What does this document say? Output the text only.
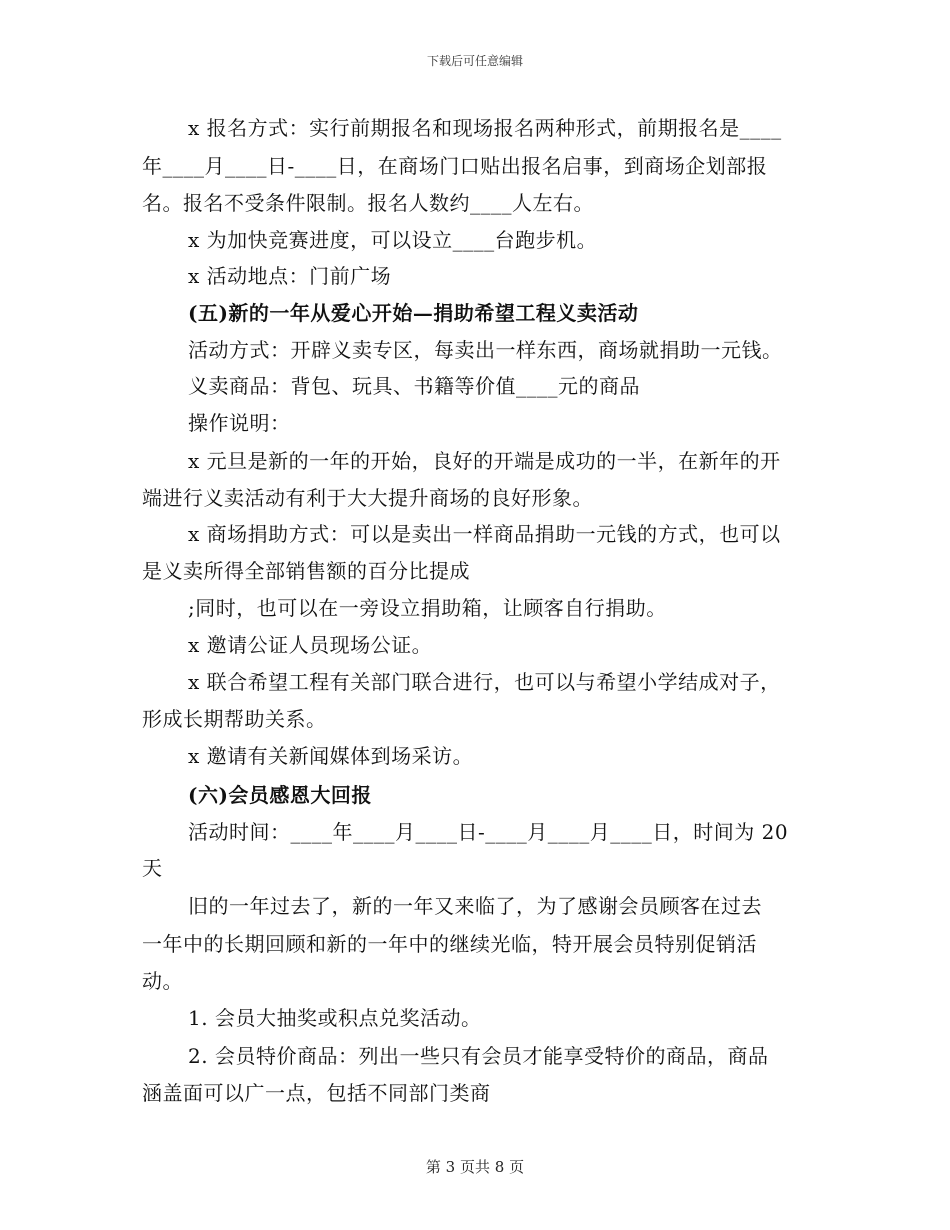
下载后可任意编辑
x 报名方式：实行前期报名和现场报名两种形式，前期报名是____
年____月____日-____日，在商场门口贴出报名启事，到商场企划部报
名。报名不受条件限制。报名人数约____人左右。
x 为加快竞赛进度，可以设立____台跑步机。
x 活动地点：门前广场
(五)新的一年从爱心开始—捐助希望工程义卖活动
活动方式：开辟义卖专区，每卖出一样东西，商场就捐助一元钱。
义卖商品：背包、玩具、书籍等价值____元的商品
操作说明：
x 元旦是新的一年的开始，良好的开端是成功的一半，在新年的开
端进行义卖活动有利于大大提升商场的良好形象。
x 商场捐助方式：可以是卖出一样商品捐助一元钱的方式，也可以
是义卖所得全部销售额的百分比提成
;同时，也可以在一旁设立捐助箱，让顾客自行捐助。
x 邀请公证人员现场公证。
x 联合希望工程有关部门联合进行，也可以与希望小学结成对子，
形成长期帮助关系。
x 邀请有关新闻媒体到场采访。
(六)会员感恩大回报
活动时间：____年____月____日-____月____月____日，时间为 20
天
旧的一年过去了，新的一年又来临了，为了感谢会员顾客在过去
一年中的长期回顾和新的一年中的继续光临，特开展会员特别促销活
动。
1. 会员大抽奖或积点兑奖活动。
2. 会员特价商品：列出一些只有会员才能享受特价的商品，商品
涵盖面可以广一点，包括不同部门类商
第 3 页共 8 页
